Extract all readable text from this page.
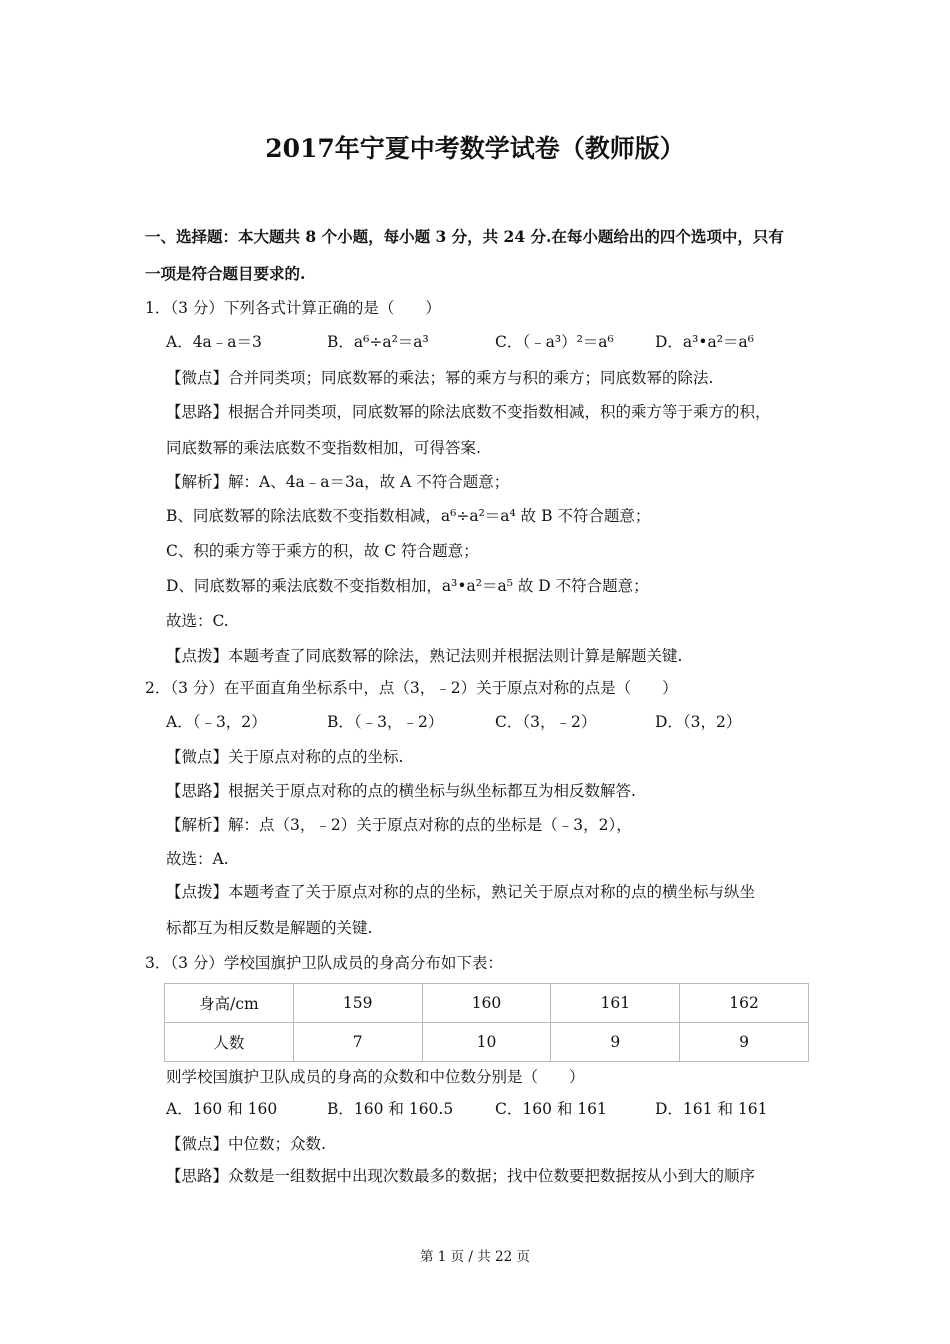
2017年宁夏中考数学试卷（教师版）
一、选择题：本大题共 8 个小题，每小题 3 分，共 24 分.在每小题给出的四个选项中，只有
一项是符合题目要求的.
1．（3 分）下列各式计算正确的是（　　）
A．4a﹣a＝3	B．a⁶÷a²＝a³	C．（﹣a³）²＝a⁶	D．a³•a²＝a⁶
【微点】合并同类项；同底数幂的乘法；幂的乘方与积的乘方；同底数幂的除法.
【思路】根据合并同类项，同底数幂的除法底数不变指数相减，积的乘方等于乘方的积，
同底数幂的乘法底数不变指数相加，可得答案.
【解析】解：A、4a﹣a＝3a，故 A 不符合题意；
B、同底数幂的除法底数不变指数相减，a⁶÷a²＝a⁴ 故 B 不符合题意；
C、积的乘方等于乘方的积，故 C 符合题意；
D、同底数幂的乘法底数不变指数相加，a³•a²＝a⁵ 故 D 不符合题意；
故选：C.
【点拨】本题考查了同底数幂的除法，熟记法则并根据法则计算是解题关键.
2．（3 分）在平面直角坐标系中，点（3，﹣2）关于原点对称的点是（　　）
A．（﹣3，2）	B．（﹣3，﹣2）	C．（3，﹣2）	D．（3，2）
【微点】关于原点对称的点的坐标.
【思路】根据关于原点对称的点的横坐标与纵坐标都互为相反数解答.
【解析】解：点（3，﹣2）关于原点对称的点的坐标是（﹣3，2），
故选：A.
【点拨】本题考查了关于原点对称的点的坐标，熟记关于原点对称的点的横坐标与纵坐
标都互为相反数是解题的关键.
3．（3 分）学校国旗护卫队成员的身高分布如下表：
身高/cm	159	160	161	162
人数	7	10	9	9
则学校国旗护卫队成员的身高的众数和中位数分别是（　　）
A．160 和 160	B．160 和 160.5	C．160 和 161	D．161 和 161
【微点】中位数；众数.
【思路】众数是一组数据中出现次数最多的数据；找中位数要把数据按从小到大的顺序
第 1 页 / 共 22 页
